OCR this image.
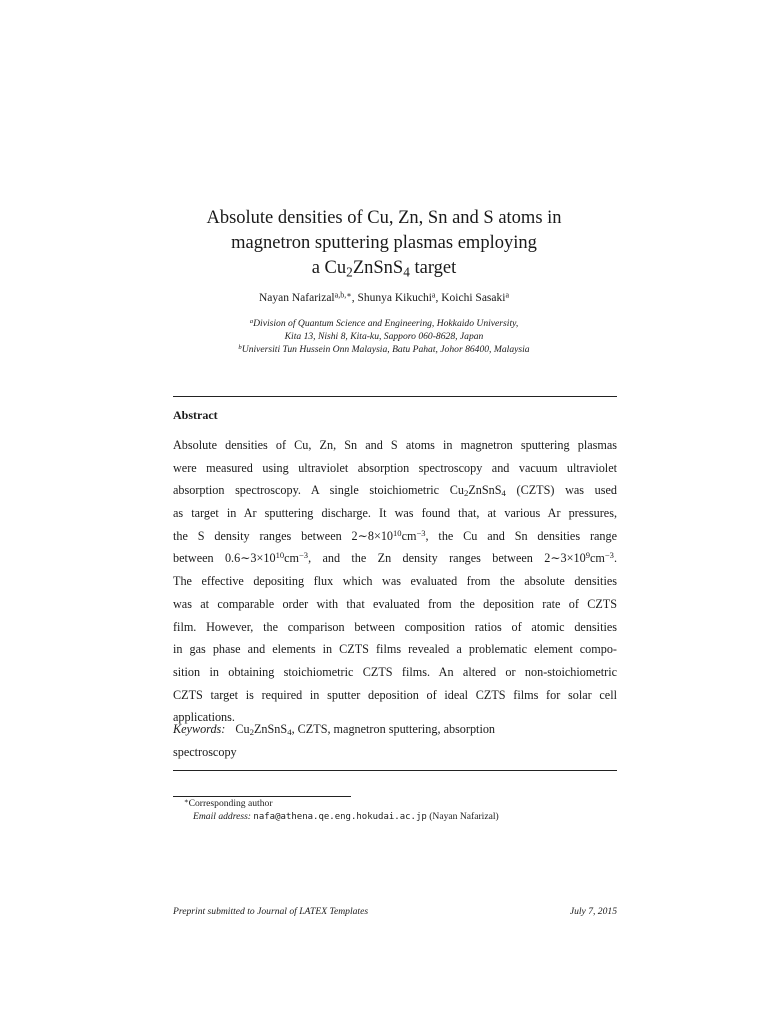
Absolute densities of Cu, Zn, Sn and S atoms in
magnetron sputtering plasmas employing
a $Cu_2ZnSnS_4$ target
Nayan Nafarizal$^{a,b,∗}$, Shunya Kikuchi$^a$, Koichi Sasaki$^a$
$^a$Division of Quantum Science and Engineering, Hokkaido University,
Kita 13, Nishi 8, Kita-ku, Sapporo 060-8628, Japan
$^b$Universiti Tun Hussein Onn Malaysia, Batu Pahat, Johor 86400, Malaysia
Abstract
Absolute densities of Cu, Zn, Sn and S atoms in magnetron sputtering plasmas
were measured using ultraviolet absorption spectroscopy and vacuum ultraviolet
absorption spectroscopy. A single stoichiometric $Cu_2ZnSnS_4$ (CZTS) was used
as target in Ar sputtering discharge. It was found that, at various Ar pressures,
the S density ranges between $2\sim 8\times 10^{10}cm^{-3}$, the Cu and Sn densities range
between $0.6\sim 3\times 10^{10}cm^{-3}$, and the Zn density ranges between $2\sim 3\times 10^9cm^{-3}$.
The effective depositing flux which was evaluated from the absolute densities
was at comparable order with that evaluated from the deposition rate of CZTS
film. However, the comparison between composition ratios of atomic densities
in gas phase and elements in CZTS films revealed a problematic element compo-
sition in obtaining stoichiometric CZTS films. An altered or non-stoichiometric
CZTS target is required in sputter deposition of ideal CZTS films for solar cell
applications.
Keywords: $Cu_2ZnSnS_4$, CZTS, magnetron sputtering, absorption
spectroscopy
∗Corresponding author
Email address: nafa@athena.qe.eng.hokudai.ac.jp (Nayan Nafarizal)
Preprint submitted to Journal of LATEX Templates	July 7, 2015
